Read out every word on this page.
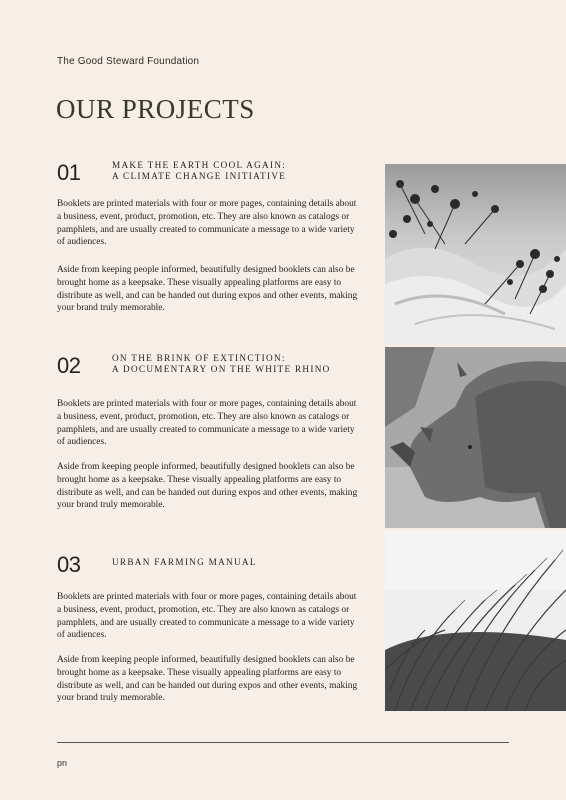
The Good Steward Foundation
OUR PROJECTS
01	MAKE THE EARTH COOL AGAIN:
A CLIMATE CHANGE INITIATIVE
Booklets are printed materials with four or more pages, containing details about a business, event, product, promotion, etc. They are also known as catalogs or pamphlets, and are usually created to communicate a message to a wide variety of audiences.
Aside from keeping people informed, beautifully designed booklets can also be brought home as a keepsake. These visually appealing platforms are easy to distribute as well, and can be handed out during expos and other events, making your brand truly memorable.
02	ON THE BRINK OF EXTINCTION:
A DOCUMENTARY ON THE WHITE RHINO
Booklets are printed materials with four or more pages, containing details about a business, event, product, promotion, etc. They are also known as catalogs or pamphlets, and are usually created to communicate a message to a wide variety of audiences.
Aside from keeping people informed, beautifully designed booklets can also be brought home as a keepsake. These visually appealing platforms are easy to distribute as well, and can be handed out during expos and other events, making your brand truly memorable.
03	URBAN FARMING MANUAL
Booklets are printed materials with four or more pages, containing details about a business, event, product, promotion, etc. They are also known as catalogs or pamphlets, and are usually created to communicate a message to a wide variety of audiences.
Aside from keeping people informed, beautifully designed booklets can also be brought home as a keepsake. These visually appealing platforms are easy to distribute as well, and can be handed out during expos and other events, making your brand truly memorable.
pn
